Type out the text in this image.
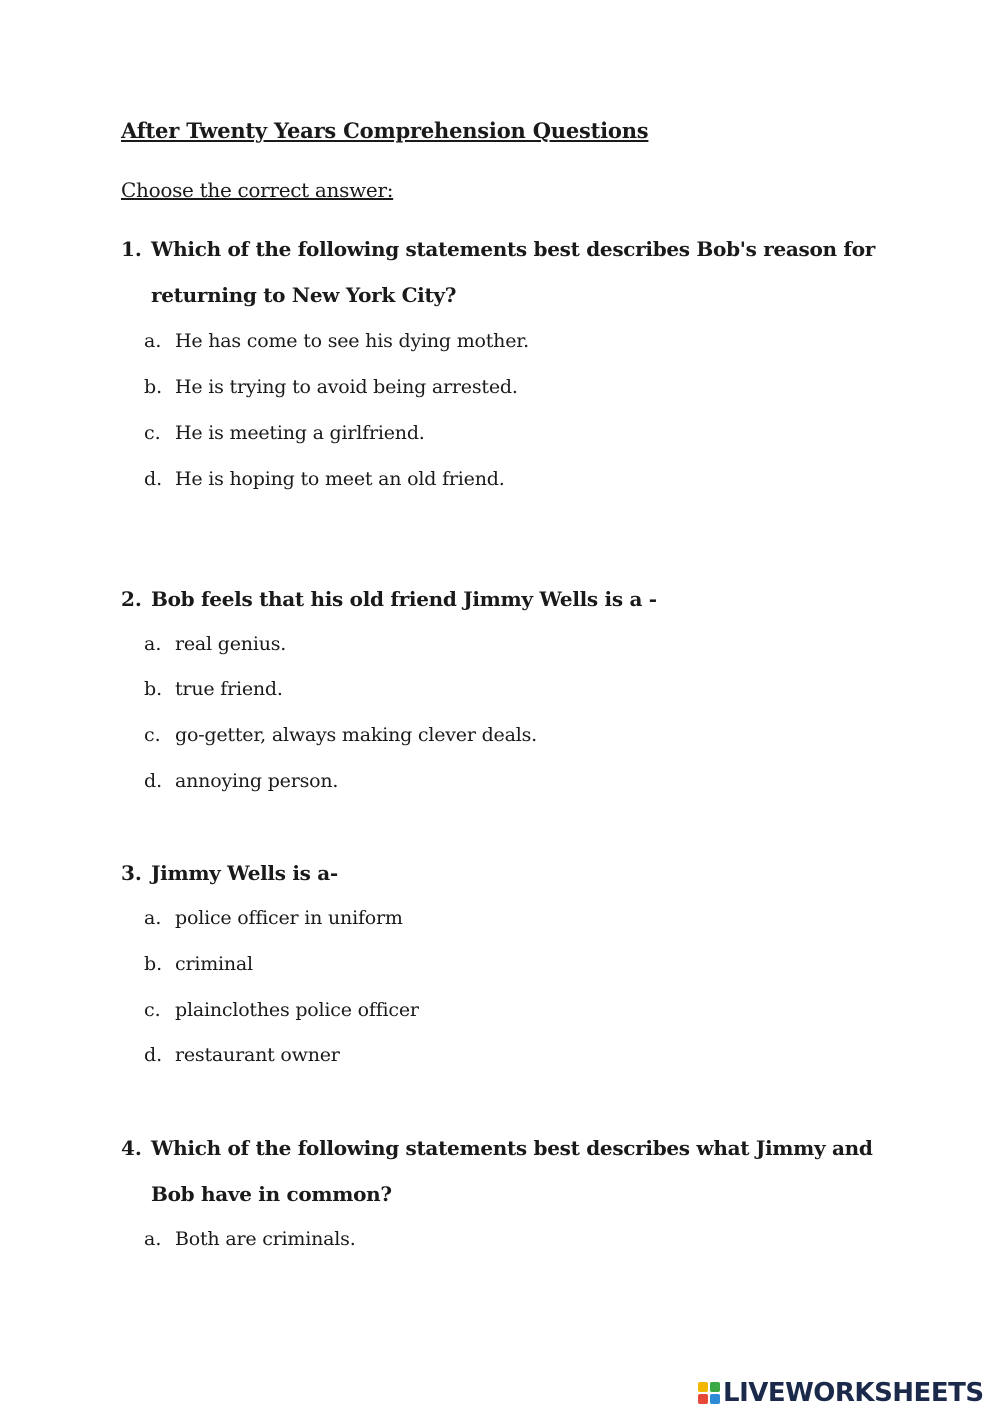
After Twenty Years Comprehension Questions
Choose the correct answer:
1. Which of the following statements best describes Bob's reason for
returning to New York City?
a. He has come to see his dying mother.
b. He is trying to avoid being arrested.
c. He is meeting a girlfriend.
d. He is hoping to meet an old friend.
2. Bob feels that his old friend Jimmy Wells is a -
a. real genius.
b. true friend.
c. go-getter, always making clever deals.
d. annoying person.
3. Jimmy Wells is a-
a. police officer in uniform
b. criminal
c. plainclothes police officer
d. restaurant owner
4. Which of the following statements best describes what Jimmy and
Bob have in common?
a. Both are criminals.
LIVEWORKSHEETS
